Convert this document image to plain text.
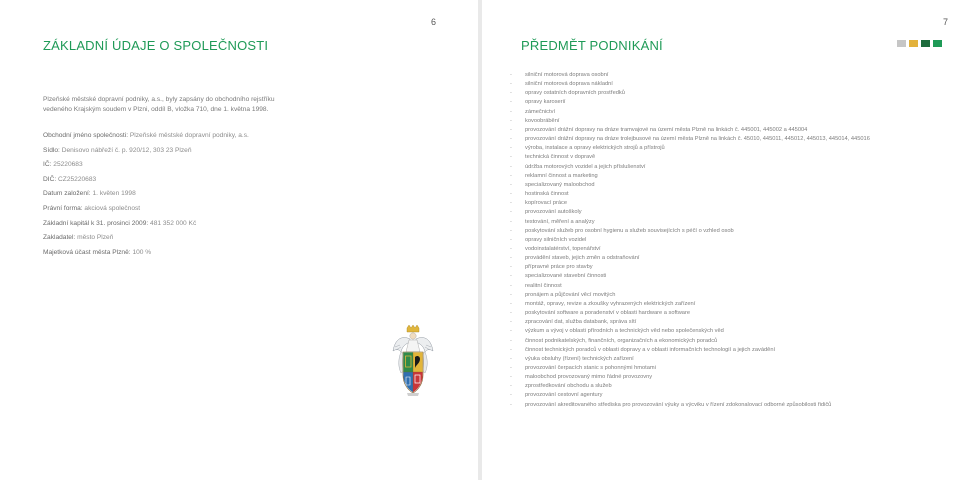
6
ZÁKLADNÍ ÚDAJE O SPOLEČNOSTI

Plzeňské městské dopravní podniky, a.s., byly zapsány do obchodního rejstříku vedeného Krajským soudem v Plzni, oddíl B, vložka 710, dne 1. května 1998.

Obchodní jméno společnosti: Plzeňské městské dopravní podniky, a.s.
Sídlo: Denisovo nábřeží č. p. 920/12, 303 23 Plzeň
IČ: 25220683
DIČ: CZ25220683
Datum založení: 1. květen 1998
Právní forma: akciová společnost
Základní kapitál k 31. prosinci 2009: 481 352 000 Kč
Zakladatel: město Plzeň
Majetková účast města Plzně: 100 %
7
PŘEDMĚT PODNIKÁNÍ
- silniční motorová doprava osobní
- silniční motorová doprava nákladní
- opravy ostatních dopravních prostředků
- opravy karoserií
- zámečnictví
- kovoobrábění
- provozování drážní dopravy na dráze tramvajové na území města Plzně na linkách č. 445001, 445002 a 445004
- provozování drážní dopravy na dráze trolejbusové na území města Plzně na linkách č. 45010, 445011, 445012, 445013, 445014, 445016
- výroba, instalace a opravy elektrických strojů a přístrojů
- technická činnost v dopravě
- údržba motorových vozidel a jejich příslušenství
- reklamní činnost a marketing
- specializovaný maloobchod
- hostinská činnost
- kopírovací práce
- provozování autoškoly
- testování, měření a analýzy
- poskytování služeb pro osobní hygienu a služeb souvisejících s péčí o vzhled osob
- opravy silničních vozidel
- vodoinstalatérství, topenářství
- provádění staveb, jejich změn a odstraňování
- přípravné práce pro stavby
- specializované stavební činnosti
- realitní činnost
- pronájem a půjčování věcí movitých
- montáž, opravy, revize a zkoušky vyhrazených elektrických zařízení
- poskytování software a poradenství v oblasti hardware a software
- zpracování dat, služba databank, správa sítí
- výzkum a vývoj v oblasti přírodních a technických věd nebo společenských věd
- činnost podnikatelských, finančních, organizačních a ekonomických poradců
- činnost technických poradců v oblasti dopravy a v oblasti informačních technologií a jejich zavádění
- výuka obsluhy (řízení) technických zařízení
- provozování čerpacích stanic s pohonnými hmotami
- maloobchod provozovaný mimo řádné provozovny
- zprostředkování obchodu a služeb
- provozování cestovní agentury
- provozování akreditovaného střediska pro provozování výuky a výcviku v řízení zdokonalovací odborné způsobilosti řidičů
